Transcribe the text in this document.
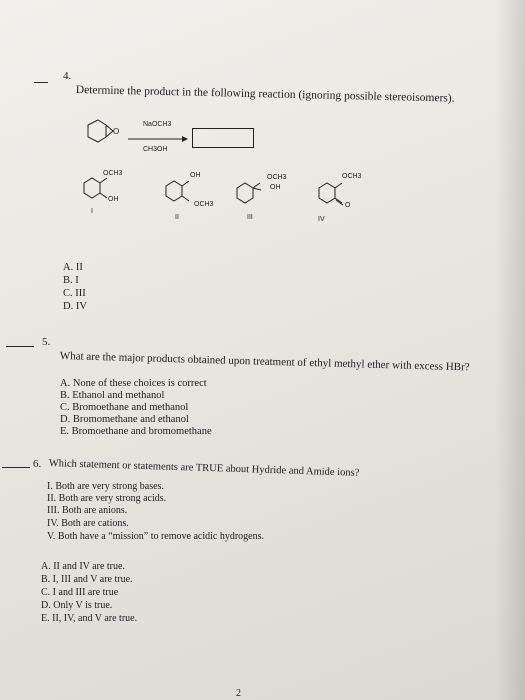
4.
Determine the product in the following reaction (ignoring possible stereoisomers).
O
NaOCH3
CH3OH
OCH3
OH
I
OH
OCH3
II
OCH3
OH
III
OCH3
O
IV
A. II
B. I
C. III
D. IV
5.
What are the major products obtained upon treatment of ethyl methyl ether with excess HBr?
A. None of these choices is correct
B. Ethanol and methanol
C. Bromoethane and methanol
D. Bromomethane and ethanol
E. Bromoethane and bromomethane
6. Which statement or statements are TRUE about Hydride and Amide ions?
I. Both are very strong bases.
II. Both are very strong acids.
III. Both are anions.
IV. Both are cations.
V. Both have a “mission” to remove acidic hydrogens.
A. II and IV are true.
B. I, III and V are true.
C. I and III are true
D. Only V is true.
E. II, IV, and V are true.
2
